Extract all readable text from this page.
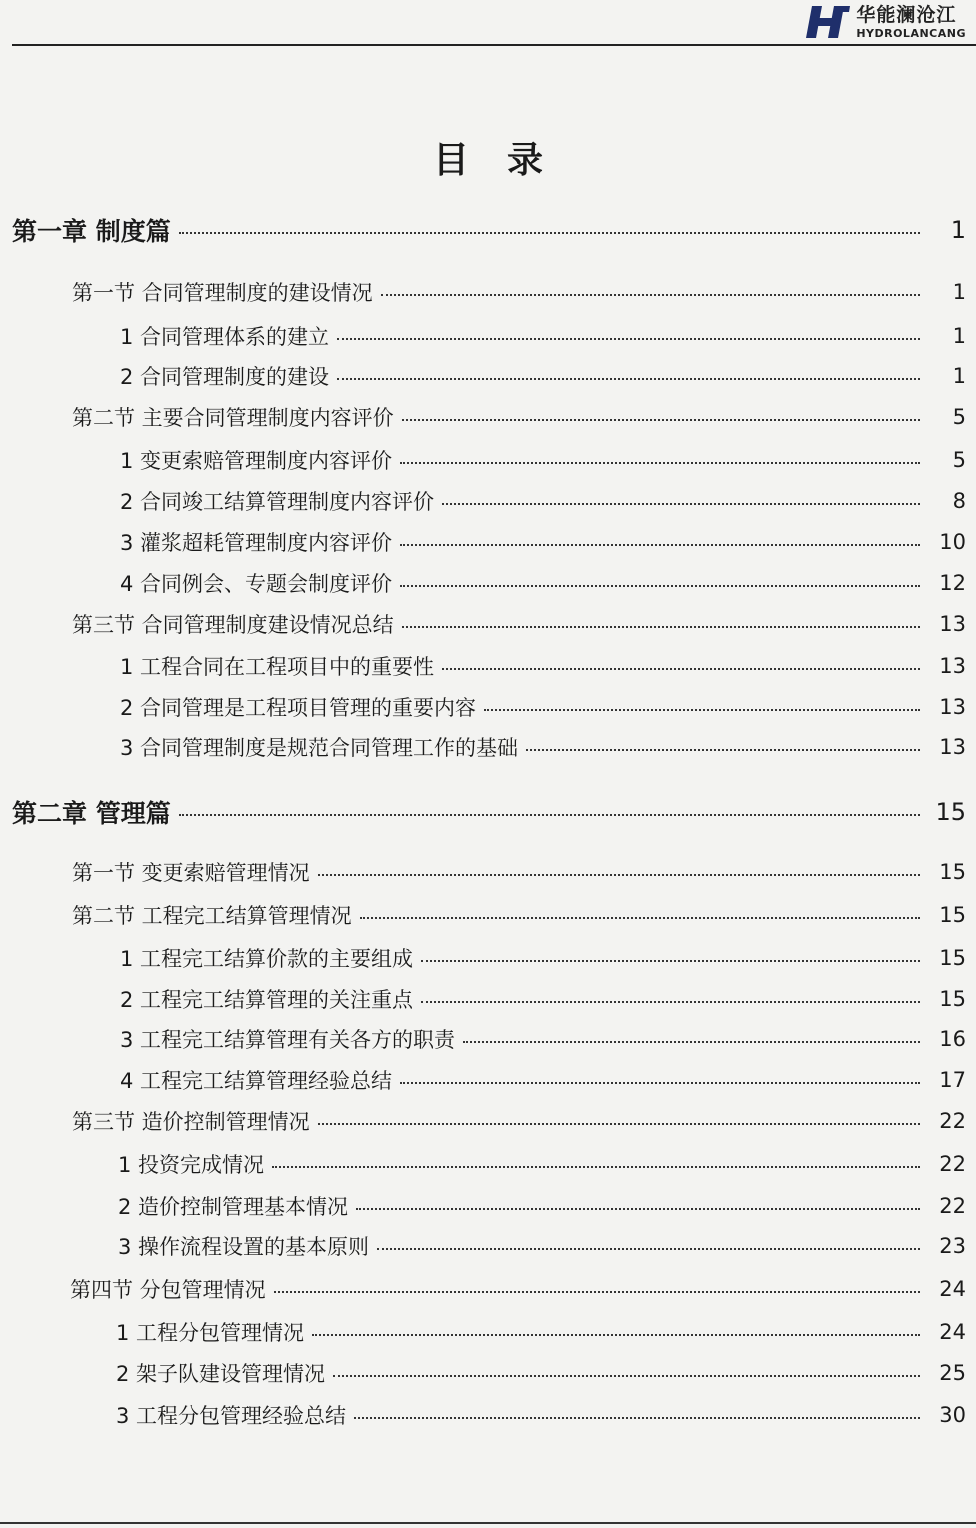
华能澜沧江
HYDROLANCANG
目录
第一章 制度篇	1
第一节 合同管理制度的建设情况	1
1 合同管理体系的建立	1
2 合同管理制度的建设	1
第二节 主要合同管理制度内容评价	5
1 变更索赔管理制度内容评价	5
2 合同竣工结算管理制度内容评价	8
3 灌浆超耗管理制度内容评价	10
4 合同例会、专题会制度评价	12
第三节 合同管理制度建设情况总结	13
1 工程合同在工程项目中的重要性	13
2 合同管理是工程项目管理的重要内容	13
3 合同管理制度是规范合同管理工作的基础	13
第二章 管理篇	15
第一节 变更索赔管理情况	15
第二节 工程完工结算管理情况	15
1 工程完工结算价款的主要组成	15
2 工程完工结算管理的关注重点	15
3 工程完工结算管理有关各方的职责	16
4 工程完工结算管理经验总结	17
第三节 造价控制管理情况	22
1 投资完成情况	22
2 造价控制管理基本情况	22
3 操作流程设置的基本原则	23
第四节 分包管理情况	24
1 工程分包管理情况	24
2 架子队建设管理情况	25
3 工程分包管理经验总结	30
